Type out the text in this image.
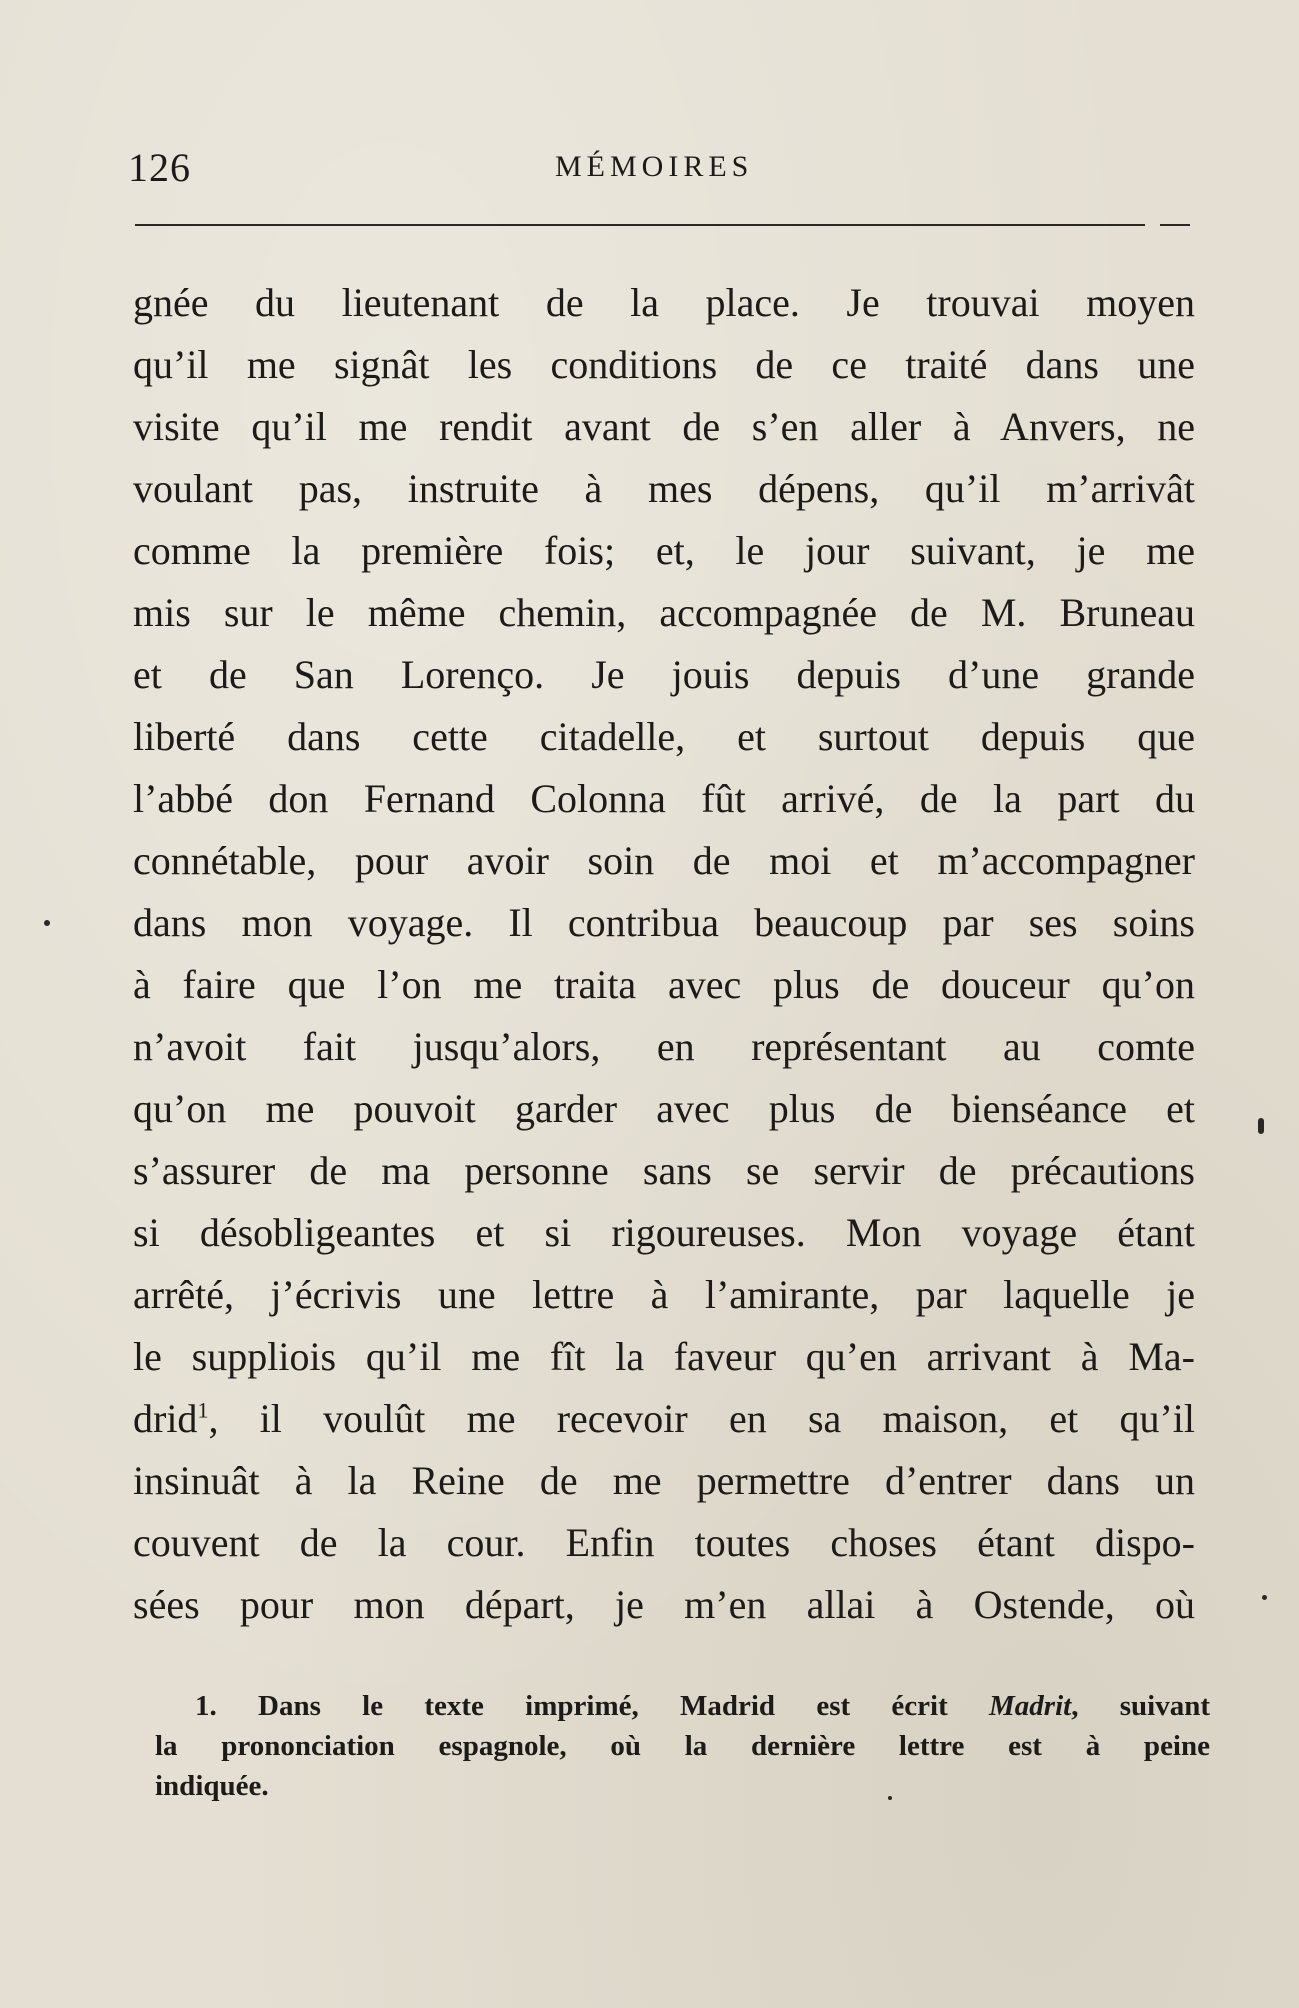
126	MÉMOIRES
gnée du lieutenant de la place. Je trouvai moyen
qu’il me signât les conditions de ce traité dans une
visite qu’il me rendit avant de s’en aller à Anvers, ne
voulant pas, instruite à mes dépens, qu’il m’arrivât
comme la première fois; et, le jour suivant, je me
mis sur le même chemin, accompagnée de M. Bruneau
et de San Lorenço. Je jouis depuis d’une grande
liberté dans cette citadelle, et surtout depuis que
l’abbé don Fernand Colonna fût arrivé, de la part du
connétable, pour avoir soin de moi et m’accompagner
dans mon voyage. Il contribua beaucoup par ses soins
à faire que l’on me traita avec plus de douceur qu’on
n’avoit fait jusqu’alors, en représentant au comte
qu’on me pouvoit garder avec plus de bienséance et
s’assurer de ma personne sans se servir de précautions
si désobligeantes et si rigoureuses. Mon voyage étant
arrêté, j’écrivis une lettre à l’amirante, par laquelle je
le suppliois qu’il me fît la faveur qu’en arrivant à Ma-
drid$^1$, il voulût me recevoir en sa maison, et qu’il
insinuât à la Reine de me permettre d’entrer dans un
couvent de la cour. Enfin toutes choses étant dispo-
sées pour mon départ, je m’en allai à Ostende, où
1. Dans le texte imprimé, Madrid est écrit Madrit, suivant
la prononciation espagnole, où la dernière lettre est à peine
indiquée.
